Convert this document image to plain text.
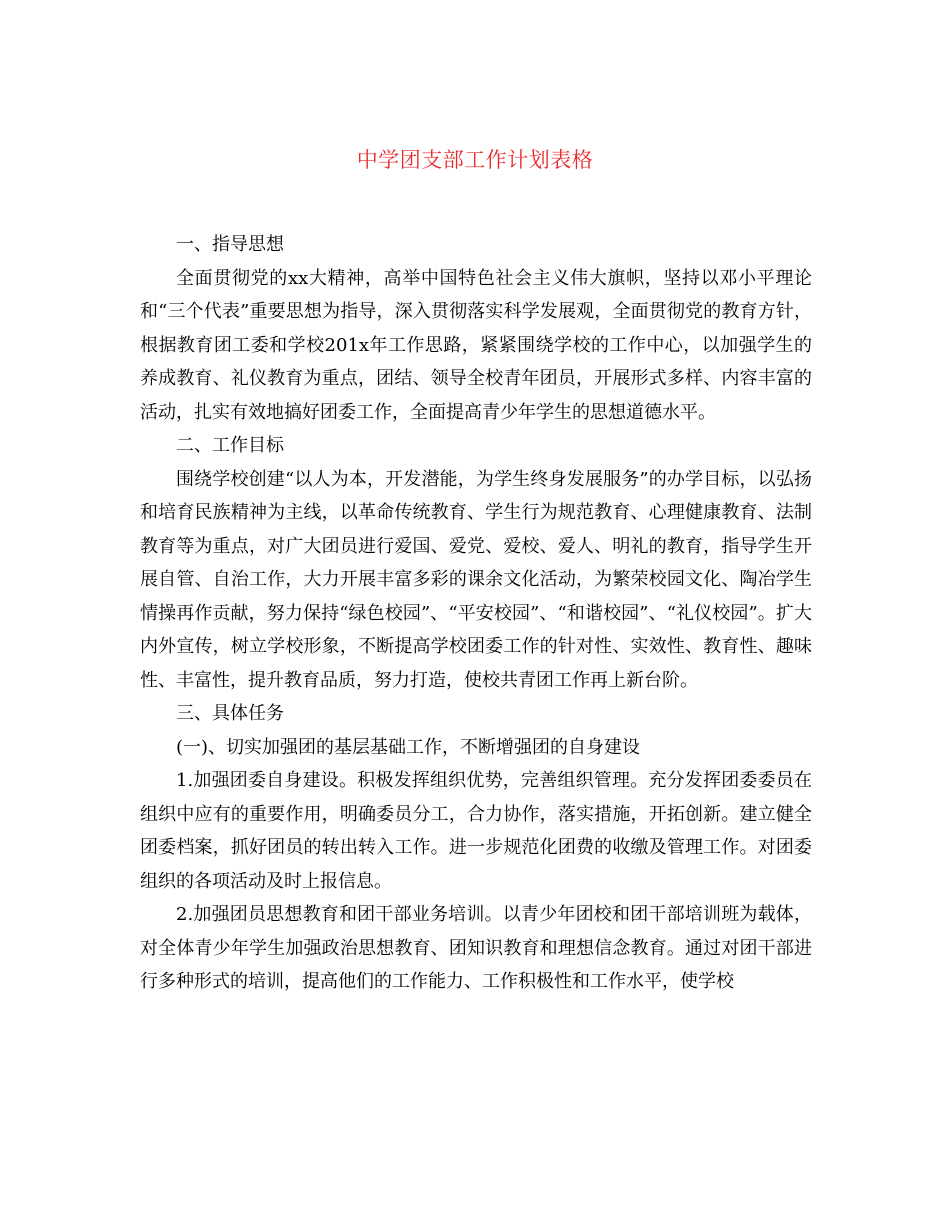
中学团支部工作计划表格

一、指导思想

全面贯彻党的xx大精神，高举中国特色社会主义伟大旗帜，坚持以邓小平理论和“三个代表”重要思想为指导，深入贯彻落实科学发展观，全面贯彻党的教育方针，根据教育团工委和学校201x年工作思路，紧紧围绕学校的工作中心，以加强学生的养成教育、礼仪教育为重点，团结、领导全校青年团员，开展形式多样、内容丰富的活动，扎实有效地搞好团委工作，全面提高青少年学生的思想道德水平。

二、工作目标

围绕学校创建“以人为本，开发潜能，为学生终身发展服务”的办学目标，以弘扬和培育民族精神为主线，以革命传统教育、学生行为规范教育、心理健康教育、法制教育等为重点，对广大团员进行爱国、爱党、爱校、爱人、明礼的教育，指导学生开展自管、自治工作，大力开展丰富多彩的课余文化活动，为繁荣校园文化、陶冶学生情操再作贡献，努力保持“绿色校园”、“平安校园”、“和谐校园”、“礼仪校园”。扩大内外宣传，树立学校形象，不断提高学校团委工作的针对性、实效性、教育性、趣味性、丰富性，提升教育品质，努力打造，使校共青团工作再上新台阶。

三、具体任务

(一)、切实加强团的基层基础工作，不断增强团的自身建设

1.加强团委自身建设。积极发挥组织优势，完善组织管理。充分发挥团委委员在组织中应有的重要作用，明确委员分工，合力协作，落实措施，开拓创新。建立健全团委档案，抓好团员的转出转入工作。进一步规范化团费的收缴及管理工作。对团委组织的各项活动及时上报信息。

2.加强团员思想教育和团干部业务培训。以青少年团校和团干部培训班为载体，对全体青少年学生加强政治思想教育、团知识教育和理想信念教育。通过对团干部进行多种形式的培训，提高他们的工作能力、工作积极性和工作水平，使学校
